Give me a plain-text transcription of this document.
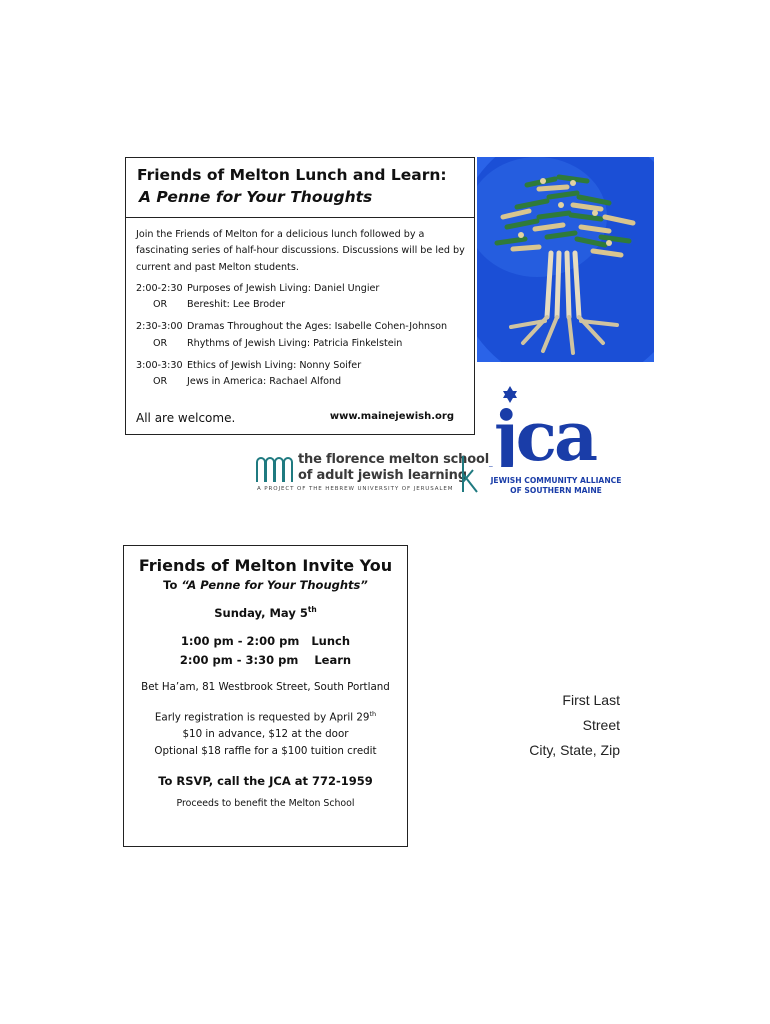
Friends of Melton Lunch and Learn:
A Penne for Your Thoughts

Join the Friends of Melton for a delicious lunch followed by a fascinating series of half-hour discussions. Discussions will be led by current and past Melton students.

2:00-2:30 Purposes of Jewish Living: Daniel Ungier
OR	Bereshit: Lee Broder
2:30-3:00 Dramas Throughout the Ages: Isabelle Cohen-Johnson
OR	Rhythms of Jewish Living: Patricia Finkelstein
3:00-3:30 Ethics of Jewish Living: Nonny Soifer
OR	Jews in America: Rachael Alfond
All are welcome.	www.mainejewish.org jca
JEWISH COMMUNITY ALLIANCE
OF SOUTHERN MAINE
the florence melton school
of adult jewish learning
A PROJECT OF THE HEBREW UNIVERSITY OF JERUSALEM
Friends of Melton Invite You
To “A Penne for Your Thoughts”
Sunday, May 5th
1:00 pm - 2:00 pm   Lunch
2:00 pm - 3:30 pm    Learn
Bet Ha’am, 81 Westbrook Street, South Portland
Early registration is requested by April 29th
$10 in advance, $12 at the door
Optional $18 raffle for a $100 tuition credit
To RSVP, call the JCA at 772-1959
Proceeds to benefit the Melton School
First Last
Street
City, State, Zip
